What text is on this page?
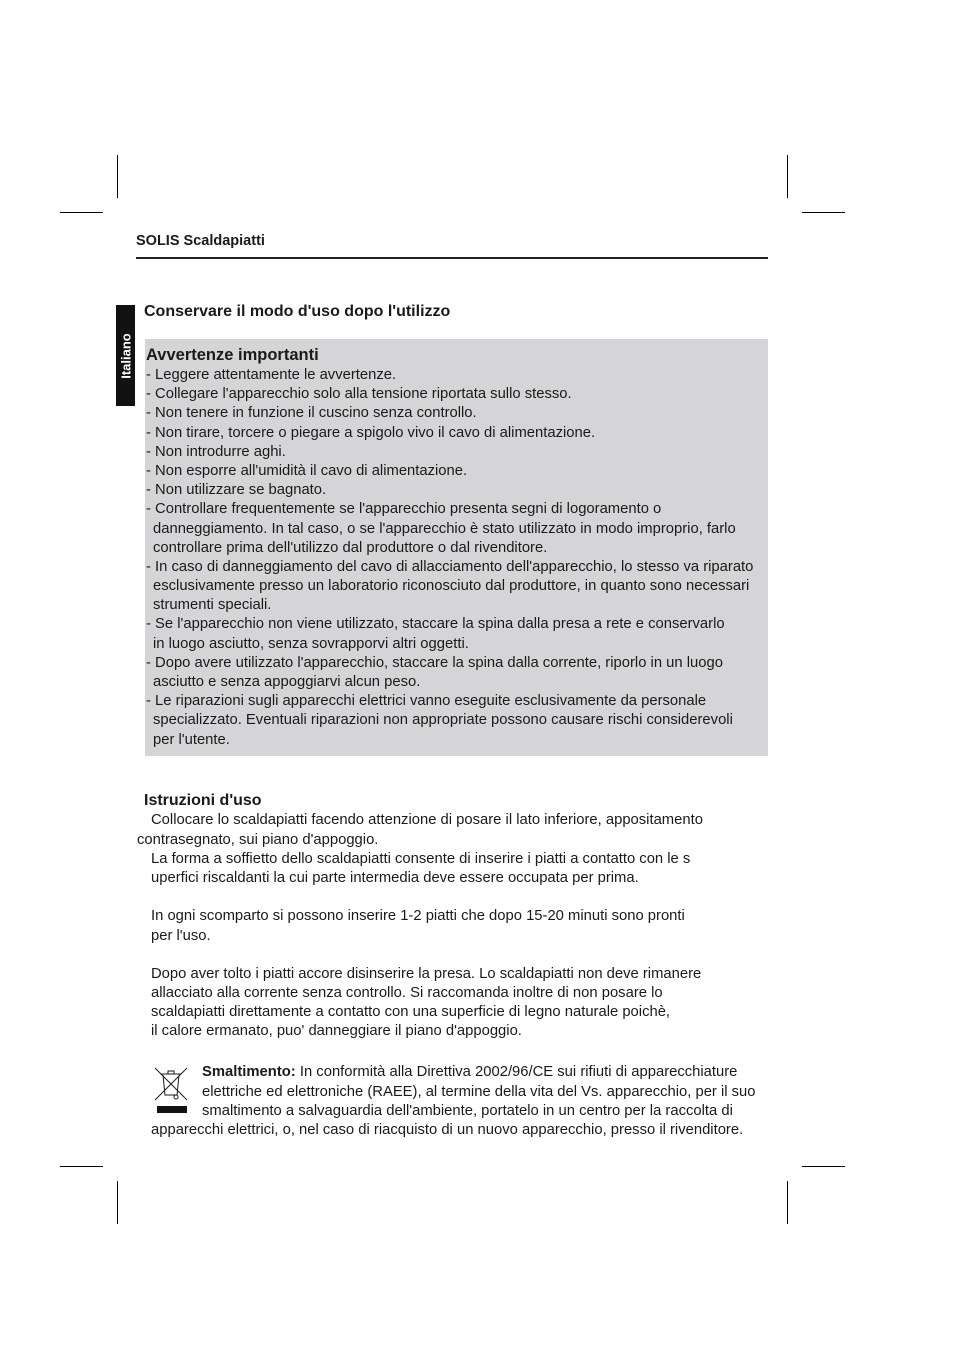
SOLIS Scaldapiatti
Italiano
Conservare il modo d'uso dopo l'utilizzo
Avvertenze importanti
- Leggere attentamente le avvertenze.
- Collegare l'apparecchio solo alla tensione riportata sullo stesso.
- Non tenere in funzione il cuscino senza controllo.
- Non tirare, torcere o piegare a spigolo vivo il cavo di alimentazione.
- Non introdurre aghi.
- Non esporre all'umidità il cavo di alimentazione.
- Non utilizzare se bagnato.
- Controllare frequentemente se l'apparecchio presenta segni di logoramento o
danneggiamento. In tal caso, o se l'apparecchio è stato utilizzato in modo improprio, farlo
controllare prima dell'utilizzo dal produttore o dal rivenditore.
- In caso di danneggiamento del cavo di allacciamento dell'apparecchio, lo stesso va riparato
esclusivamente presso un laboratorio riconosciuto dal produttore, in quanto sono necessari
strumenti speciali.
- Se l'apparecchio non viene utilizzato, staccare la spina dalla presa a rete e conservarlo
in luogo asciutto, senza sovrapporvi altri oggetti.
- Dopo avere utilizzato l'apparecchio, staccare la spina dalla corrente, riporlo in un luogo
asciutto e senza appoggiarvi alcun peso.
- Le riparazioni sugli apparecchi elettrici vanno eseguite esclusivamente da personale
specializzato. Eventuali riparazioni non appropriate possono causare rischi considerevoli
per l'utente.
Istruzioni d'uso
Collocare lo scaldapiatti facendo attenzione di posare il lato inferiore, appositamento
contrasegnato, sui piano d'appoggio.
La forma a soffietto dello scaldapiatti consente di inserire i piatti a contatto con le s
uperfici riscaldanti la cui parte intermedia deve essere occupata per prima.
In ogni scomparto si possono inserire 1-2 piatti che dopo 15-20 minuti sono pronti
per l'uso.
Dopo aver tolto i piatti accore disinserire la presa. Lo scaldapiatti non deve rimanere
allacciato alla corrente senza controllo. Si raccomanda inoltre di non posare lo
scaldapiatti direttamente a contatto con una superficie di legno naturale poichè,
il calore ermanato, puo' danneggiare il piano d'appoggio.
Smaltimento: In conformità alla Direttiva 2002/96/CE sui rifiuti di apparecchiature
elettriche ed elettroniche (RAEE), al termine della vita del Vs. apparecchio, per il suo
smaltimento a salvaguardia dell'ambiente, portatelo in un centro per la raccolta di
apparecchi elettrici, o, nel caso di riacquisto di un nuovo apparecchio, presso il rivenditore.
